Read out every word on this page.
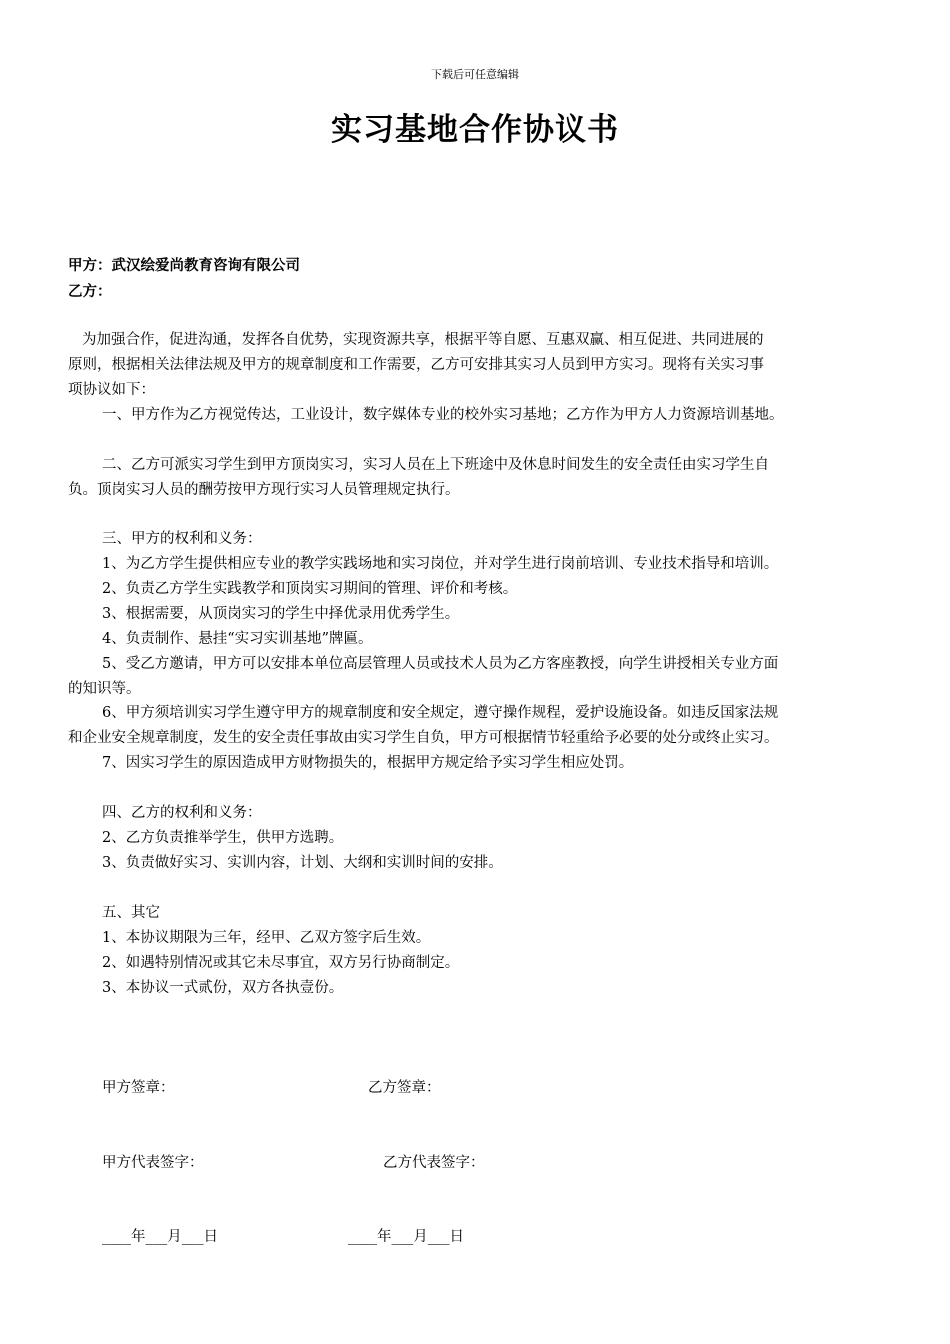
下载后可任意编辑
实习基地合作协议书
甲方：武汉绘爱尚教育咨询有限公司
乙方：
为加强合作，促进沟通，发挥各自优势，实现资源共享，根据平等自愿、互惠双赢、相互促进、共同进展的
原则，根据相关法律法规及甲方的规章制度和工作需要，乙方可安排其实习人员到甲方实习。现将有关实习事
项协议如下：
一、甲方作为乙方视觉传达，工业设计，数字媒体专业的校外实习基地；乙方作为甲方人力资源培训基地。
二、乙方可派实习学生到甲方顶岗实习，实习人员在上下班途中及休息时间发生的安全责任由实习学生自
负。顶岗实习人员的酬劳按甲方现行实习人员管理规定执行。
三、甲方的权利和义务：
1、为乙方学生提供相应专业的教学实践场地和实习岗位，并对学生进行岗前培训、专业技术指导和培训。
2、负责乙方学生实践教学和顶岗实习期间的管理、评价和考核。
3、根据需要，从顶岗实习的学生中择优录用优秀学生。
4、负责制作、悬挂“实习实训基地”牌匾。
5、受乙方邀请，甲方可以安排本单位高层管理人员或技术人员为乙方客座教授，向学生讲授相关专业方面
的知识等。
6、甲方须培训实习学生遵守甲方的规章制度和安全规定，遵守操作规程，爱护设施设备。如违反国家法规
和企业安全规章制度，发生的安全责任事故由实习学生自负，甲方可根据情节轻重给予必要的处分或终止实习。
7、因实习学生的原因造成甲方财物损失的，根据甲方规定给予实习学生相应处罚。
四、乙方的权利和义务：
2、乙方负责推举学生，供甲方选聘。
3、负责做好实习、实训内容，计划、大纲和实训时间的安排。
五、其它
1、本协议期限为三年，经甲、乙双方签字后生效。
2、如遇特别情况或其它未尽事宜，双方另行协商制定。
3、本协议一式贰份，双方各执壹份。
甲方签章：	乙方签章：
甲方代表签字：	乙方代表签字：
____年___月___日	____年___月___日
